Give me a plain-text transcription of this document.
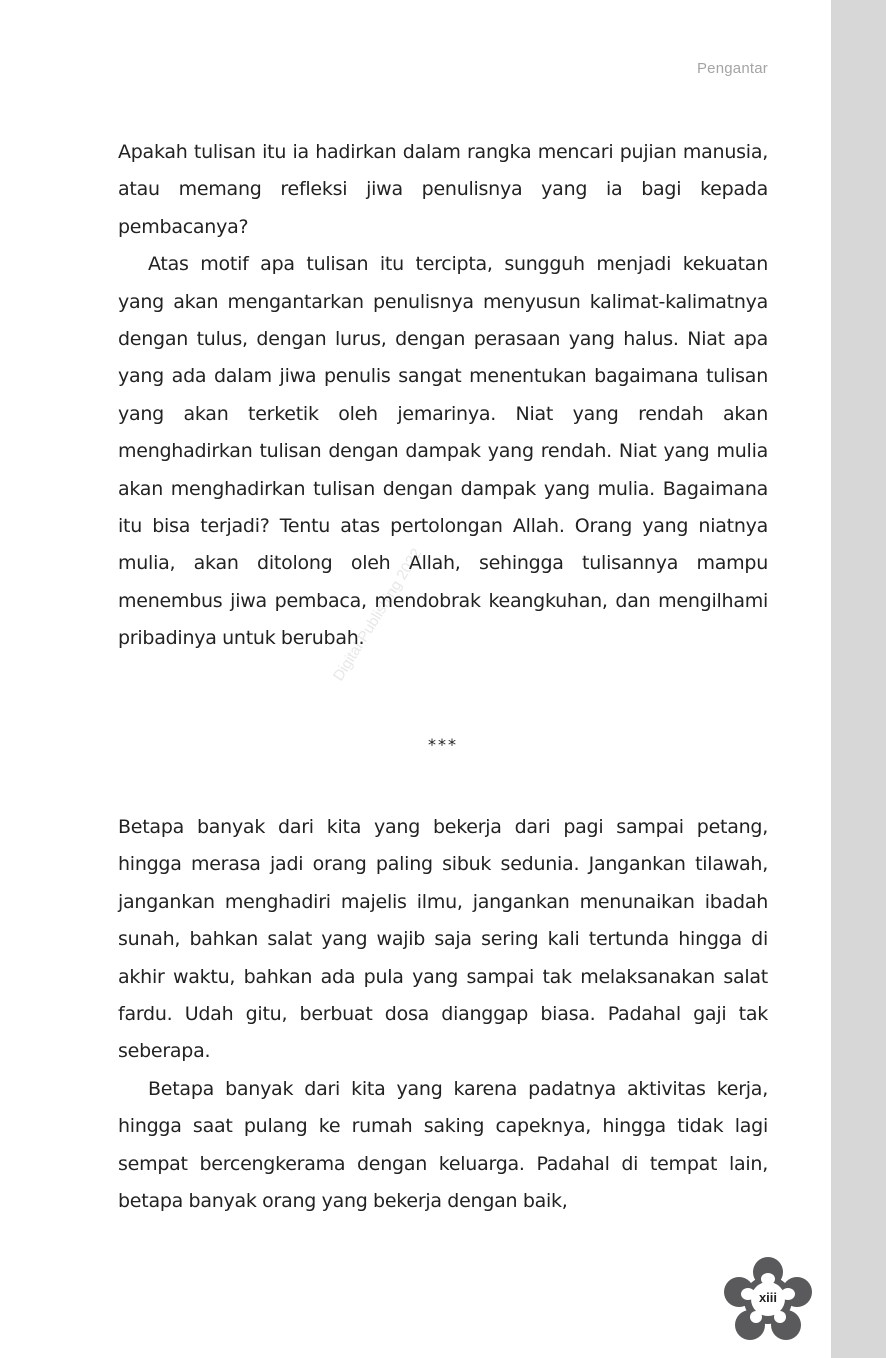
Pengantar
Digital Publishing 2022

Apakah tulisan itu ia hadirkan dalam rangka mencari pujian manusia, atau memang refleksi jiwa penulisnya yang ia bagi kepada pembacanya?

Atas motif apa tulisan itu tercipta, sungguh menjadi kekuatan yang akan mengantarkan penulisnya menyusun kalimat-kalimatnya dengan tulus, dengan lurus, dengan perasaan yang halus. Niat apa yang ada dalam jiwa penulis sangat menentukan bagaimana tulisan yang akan terketik oleh jemarinya. Niat yang rendah akan menghadirkan tulisan dengan dampak yang rendah. Niat yang mulia akan menghadirkan tulisan dengan dampak yang mulia. Bagaimana itu bisa terjadi? Tentu atas pertolongan Allah. Orang yang niatnya mulia, akan ditolong oleh Allah, sehingga tulisannya mampu menembus jiwa pembaca, mendobrak keangkuhan, dan mengilhami pribadinya untuk berubah.

***

Betapa banyak dari kita yang bekerja dari pagi sampai petang, hingga merasa jadi orang paling sibuk sedunia. Jangankan tilawah, jangankan menghadiri majelis ilmu, jangankan menunaikan ibadah sunah, bahkan salat yang wajib saja sering kali tertunda hingga di akhir waktu, bahkan ada pula yang sampai tak melaksanakan salat fardu. Udah gitu, berbuat dosa dianggap biasa. Padahal gaji tak seberapa.

Betapa banyak dari kita yang karena padatnya aktivitas kerja, hingga saat pulang ke rumah saking capeknya, hingga tidak lagi sempat bercengkerama dengan keluarga. Padahal di tempat lain, betapa banyak orang yang bekerja dengan baik,

xiii
